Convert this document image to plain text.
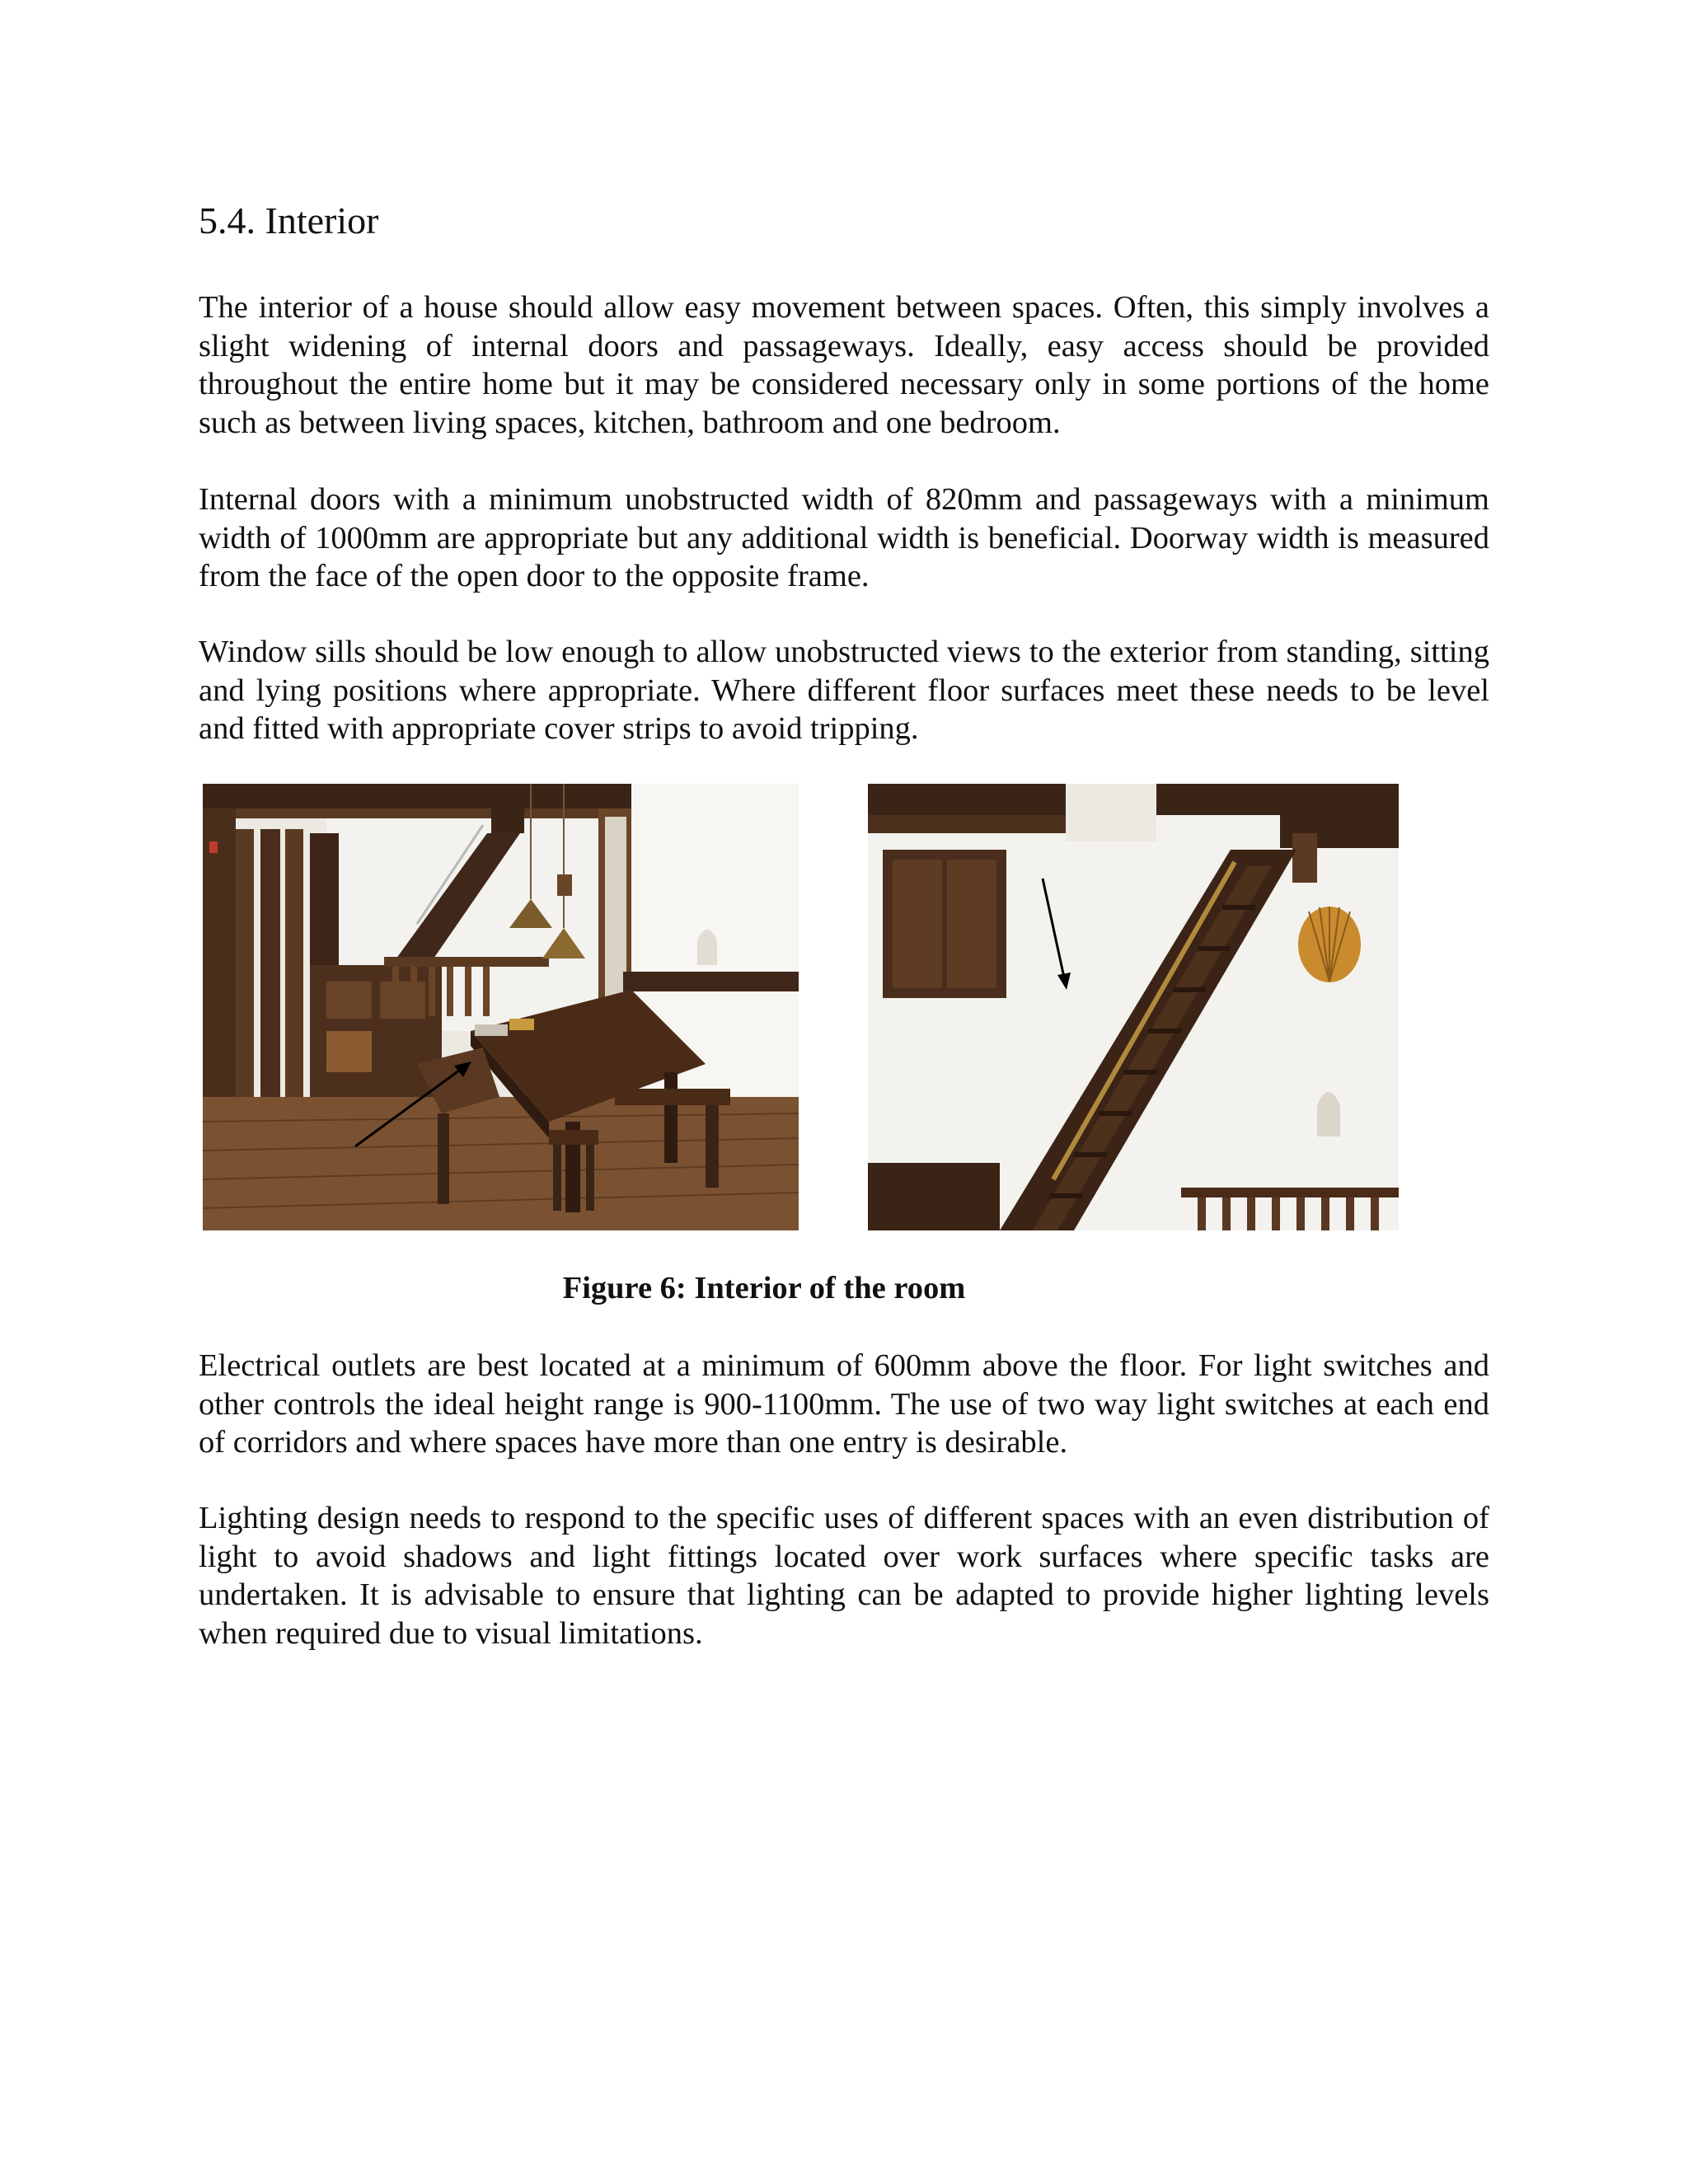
5.4. Interior

The interior of a house should allow easy movement between spaces. Often, this simply involves a slight widening of internal doors and passageways. Ideally, easy access should be provided throughout the entire home but it may be considered necessary only in some portions of the home such as between living spaces, kitchen, bathroom and one bedroom.

Internal doors with a minimum unobstructed width of 820mm and passageways with a minimum width of 1000mm are appropriate but any additional width is beneficial. Doorway width is measured from the face of the open door to the opposite frame.

Window sills should be low enough to allow unobstructed views to the exterior from standing, sitting and lying positions where appropriate. Where different floor surfaces meet these needs to be level and fitted with appropriate cover strips to avoid tripping.

Figure 6: Interior of the room

Electrical outlets are best located at a minimum of 600mm above the floor. For light switches and other controls the ideal height range is 900-1100mm. The use of two way light switches at each end of corridors and where spaces have more than one entry is desirable.

Lighting design needs to respond to the specific uses of different spaces with an even distribution of light to avoid shadows and light fittings located over work surfaces where specific tasks are undertaken. It is advisable to ensure that lighting can be adapted to provide higher lighting levels when required due to visual limitations.
